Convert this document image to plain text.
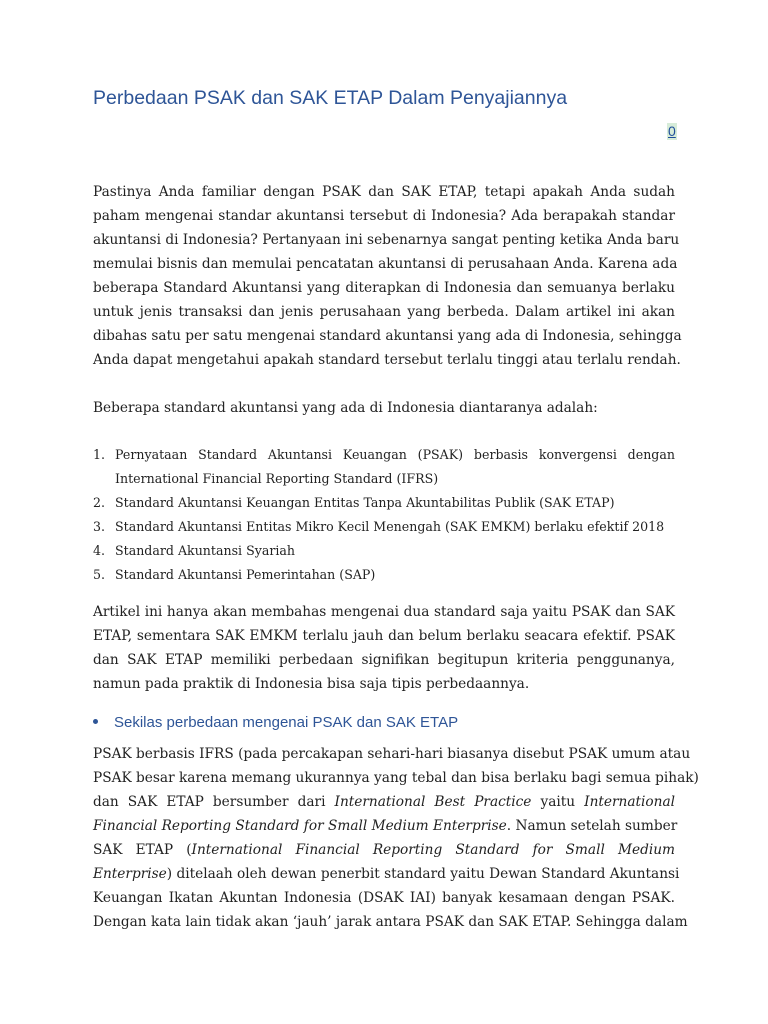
Perbedaan PSAK dan SAK ETAP Dalam Penyajiannya
0

Pastinya Anda familiar dengan PSAK dan SAK ETAP, tetapi apakah Anda sudah
paham mengenai standar akuntansi tersebut di Indonesia? Ada berapakah standar
akuntansi di Indonesia? Pertanyaan ini sebenarnya sangat penting ketika Anda baru
memulai bisnis dan memulai pencatatan akuntansi di perusahaan Anda. Karena ada
beberapa Standard Akuntansi yang diterapkan di Indonesia dan semuanya berlaku
untuk jenis transaksi dan jenis perusahaan yang berbeda. Dalam artikel ini akan
dibahas satu per satu mengenai standard akuntansi yang ada di Indonesia, sehingga
Anda dapat mengetahui apakah standard tersebut terlalu tinggi atau terlalu rendah.

Beberapa standard akuntansi yang ada di Indonesia diantaranya adalah:

1. Pernyataan Standard Akuntansi Keuangan (PSAK) berbasis konvergensi dengan International Financial Reporting Standard (IFRS)
2. Standard Akuntansi Keuangan Entitas Tanpa Akuntabilitas Publik (SAK ETAP)
3. Standard Akuntansi Entitas Mikro Kecil Menengah (SAK EMKM) berlaku efektif 2018
4. Standard Akuntansi Syariah
5. Standard Akuntansi Pemerintahan (SAP)

Artikel ini hanya akan membahas mengenai dua standard saja yaitu PSAK dan SAK
ETAP, sementara SAK EMKM terlalu jauh dan belum berlaku seacara efektif. PSAK
dan SAK ETAP memiliki perbedaan signifikan begitupun kriteria penggunanya,
namun pada praktik di Indonesia bisa saja tipis perbedaannya.

Sekilas perbedaan mengenai PSAK dan SAK ETAP

PSAK berbasis IFRS (pada percakapan sehari-hari biasanya disebut PSAK umum atau
PSAK besar karena memang ukurannya yang tebal dan bisa berlaku bagi semua pihak)
dan SAK ETAP bersumber dari International Best Practice yaitu International
Financial Reporting Standard for Small Medium Enterprise. Namun setelah sumber
SAK ETAP (International Financial Reporting Standard for Small Medium
Enterprise) ditelaah oleh dewan penerbit standard yaitu Dewan Standard Akuntansi
Keuangan Ikatan Akuntan Indonesia (DSAK IAI) banyak kesamaan dengan PSAK.
Dengan kata lain tidak akan ‘jauh’ jarak antara PSAK dan SAK ETAP. Sehingga dalam
